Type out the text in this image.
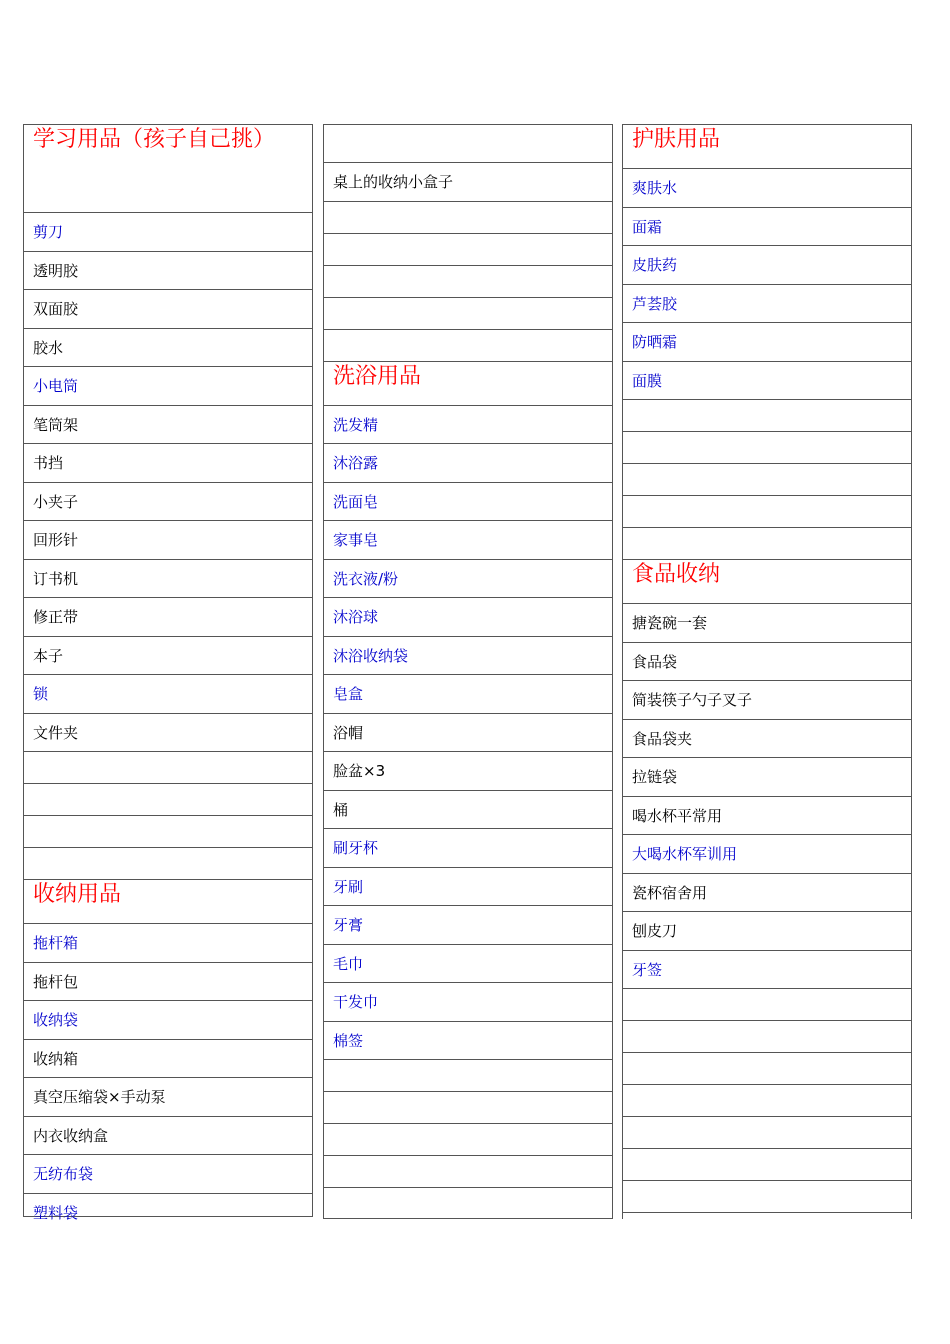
学习用品（孩子自己挑）
剪刀
透明胶
双面胶
胶水
小电筒
笔筒架
书挡
小夹子
回形针
订书机
修正带
本子
锁
文件夹
收纳用品
拖杆箱
拖杆包
收纳袋
收纳箱
真空压缩袋×手动泵
内衣收纳盒
无纺布袋
塑料袋
桌上的收纳小盒子
洗浴用品
洗发精
沐浴露
洗面皂
家事皂
洗衣液/粉
沐浴球
沐浴收纳袋
皂盒
浴帽
脸盆×3
桶
刷牙杯
牙刷
牙膏
毛巾
干发巾
棉签
护肤用品
爽肤水
面霜
皮肤药
芦荟胶
防晒霜
面膜
食品收纳
搪瓷碗一套
食品袋
简装筷子勺子叉子
食品袋夹
拉链袋
喝水杯平常用
大喝水杯军训用
瓷杯宿舍用
刨皮刀
牙签
